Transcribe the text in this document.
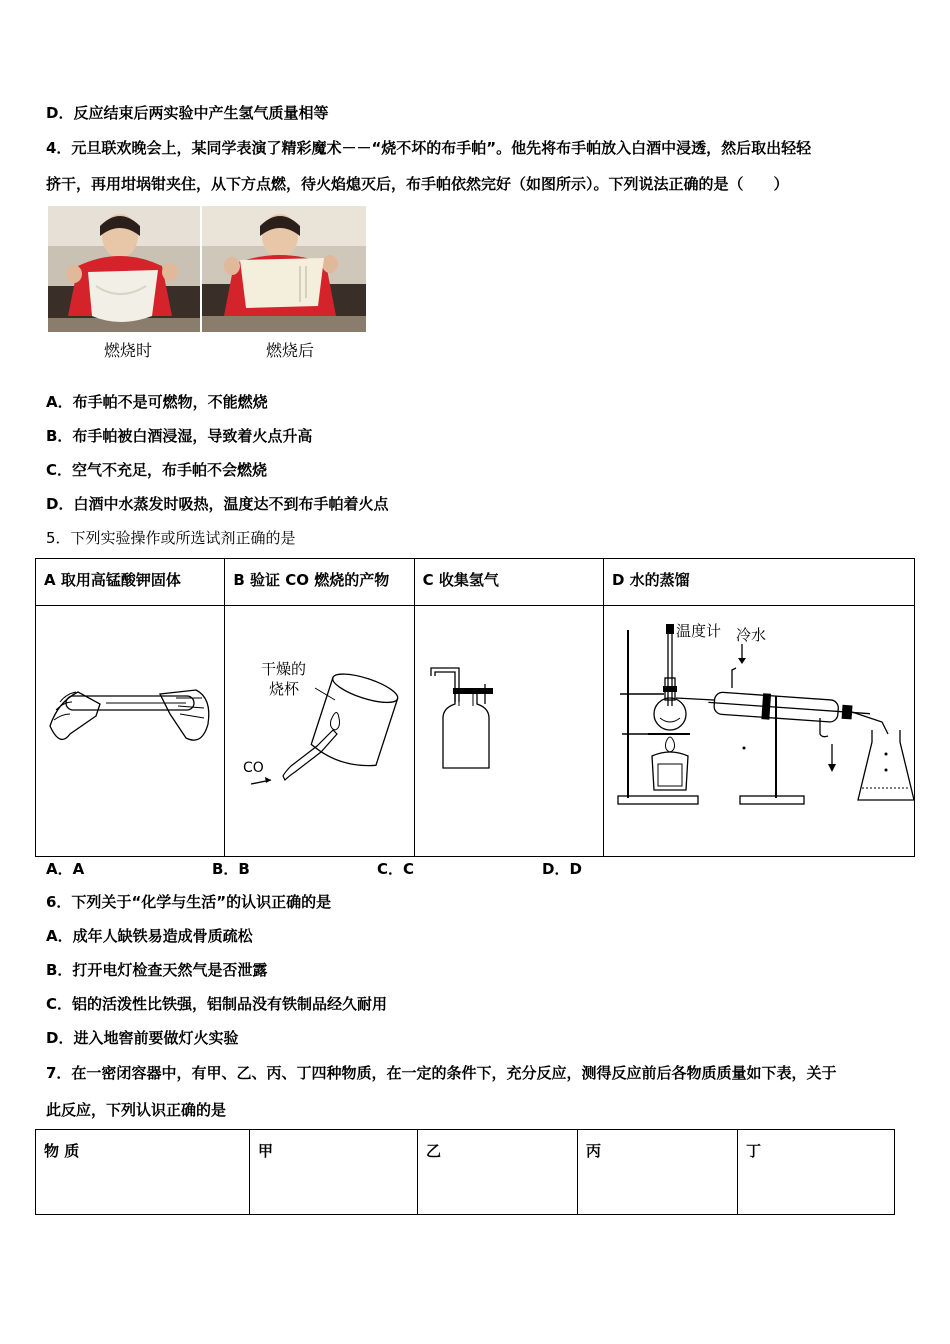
D．反应结束后两实验中产生氢气质量相等
4．元旦联欢晚会上，某同学表演了精彩魔术－－“烧不坏的布手帕”。他先将布手帕放入白酒中浸透，然后取出轻轻
挤干，再用坩埚钳夹住，从下方点燃，待火焰熄灭后，布手帕依然完好（如图所示）。下列说法正确的是（　　）
燃烧时	燃烧后
A．布手帕不是可燃物，不能燃烧
B．布手帕被白酒浸湿，导致着火点升高
C．空气不充足，布手帕不会燃烧
D．白酒中水蒸发时吸热，温度达不到布手帕着火点
5．下列实验操作或所选试剂正确的是
A 取用高锰酸钾固体	B 验证 CO 燃烧的产物	C 收集氢气	D 水的蒸馏

干燥的
烧杯
CO		温度计 冷水
A．A	B．B	C．C	D．D
6．下列关于“化学与生活”的认识正确的是
A．成年人缺铁易造成骨质疏松
B．打开电灯检查天然气是否泄露
C．铝的活泼性比铁强，铝制品没有铁制品经久耐用
D．进入地窖前要做灯火实验
7．在一密闭容器中，有甲、乙、丙、丁四种物质，在一定的条件下，充分反应，测得反应前后各物质质量如下表，关于
此反应，下列认识正确的是
物 质	甲	乙	丙	丁
